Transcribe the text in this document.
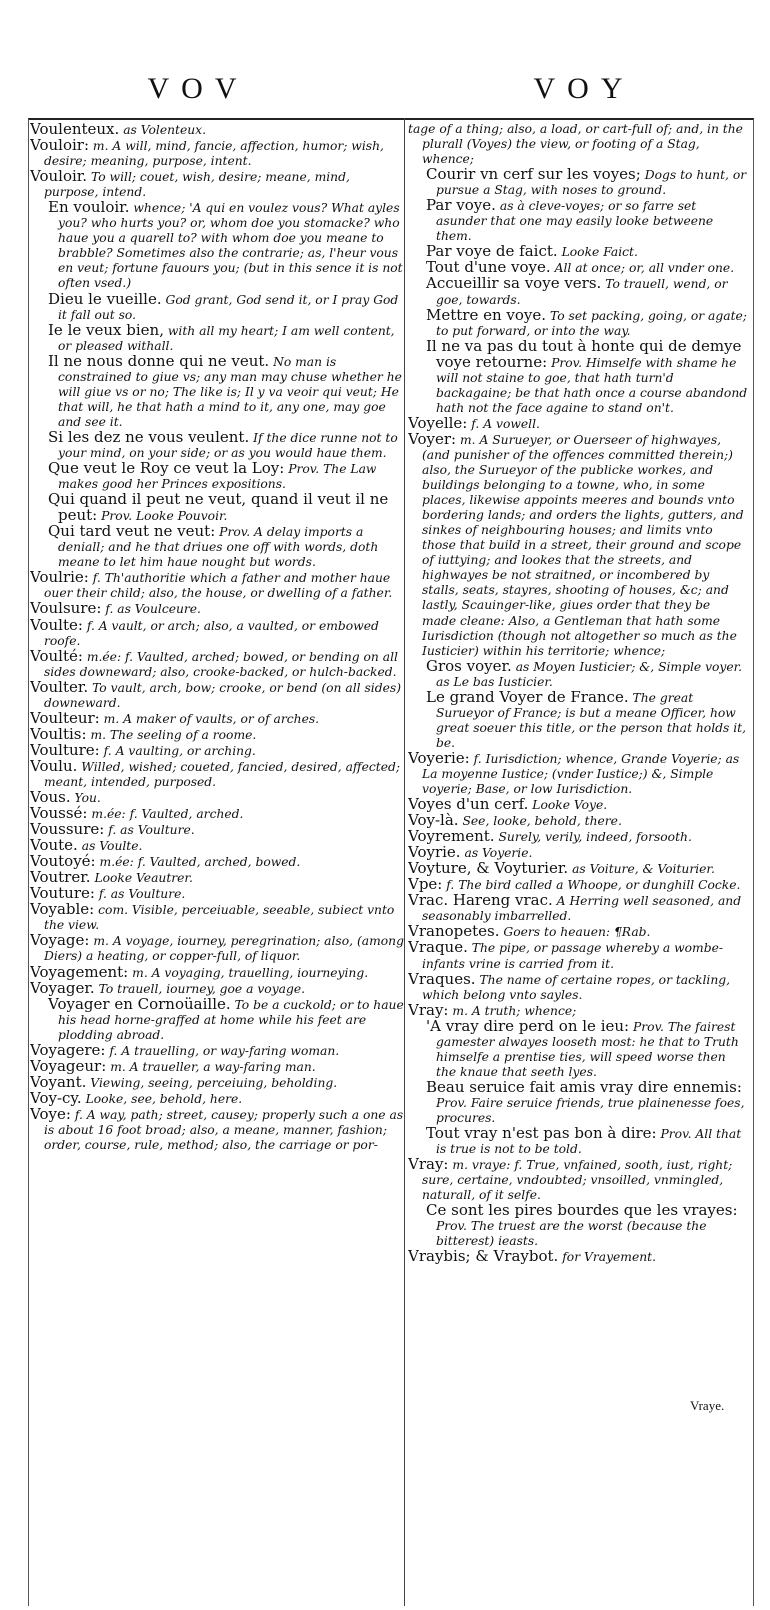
VOV	VOY

Voulenteux. as Volenteux.

Vouloir: m. A will, mind, fancie, affection, humor; wish, desire; meaning, purpose, intent.

Vouloir. To will; couet, wish, desire; meane, mind, purpose, intend.

En vouloir. whence; 'A qui en voulez vous? What ayles you? who hurts you? or, whom doe you stomacke? who haue you a quarell to? with whom doe you meane to brabble? Sometimes also the contrarie; as, l'heur vous en veut; fortune fauours you; (but in this sence it is not often vsed.)

Dieu le vueille. God grant, God send it, or I pray God it fall out so.

Ie le veux bien, with all my heart; I am well content, or pleased withall.

Il ne nous donne qui ne veut. No man is constrained to giue vs; any man may chuse whether he will giue vs or no; The like is; Il y va veoir qui veut; He that will, he that hath a mind to it, any one, may goe and see it.

Si les dez ne vous veulent. If the dice runne not to your mind, on your side; or as you would haue them.

Que veut le Roy ce veut la Loy: Prov. The Law makes good her Princes expositions.

Qui quand il peut ne veut, quand il veut il ne peut: Prov. Looke Pouvoir.

Qui tard veut ne veut: Prov. A delay imports a deniall; and he that driues one off with words, doth meane to let him haue nought but words.

Voulrie: f. Th'authoritie which a father and mother haue ouer their child; also, the house, or dwelling of a father.

Voulsure: f. as Voulceure.

Voulte: f. A vault, or arch; also, a vaulted, or embowed roofe.

Voulté: m.ée: f. Vaulted, arched; bowed, or bending on all sides downeward; also, crooke-backed, or hulch-backed.

Voulter. To vault, arch, bow; crooke, or bend (on all sides) downeward.

Voulteur: m. A maker of vaults, or of arches.

Voultis: m. The seeling of a roome.

Voulture: f. A vaulting, or arching.

Voulu. Willed, wished; coueted, fancied, desired, affected; meant, intended, purposed.

Vous. You.

Voussé: m.ée: f. Vaulted, arched.

Voussure: f. as Voulture.

Voute. as Voulte.

Voutoyé: m.ée: f. Vaulted, arched, bowed.

Voutrer. Looke Veautrer.

Vouture: f. as Voulture.

Voyable: com. Visible, perceiuable, seeable, subiect vnto the view.

Voyage: m. A voyage, iourney, peregrination; also, (among Diers) a heating, or copper-full, of liquor.

Voyagement: m. A voyaging, trauelling, iourneying.

Voyager. To trauell, iourney, goe a voyage.

Voyager en Cornoüaille. To be a cuckold; or to haue his head horne-graffed at home while his feet are plodding abroad.

Voyagere: f. A trauelling, or way-faring woman.

Voyageur: m. A traueller, a way-faring man.

Voyant. Viewing, seeing, perceiuing, beholding.

Voy-cy. Looke, see, behold, here.

Voye: f. A way, path; street, causey; properly such a one as is about 16 foot broad; also, a meane, manner, fashion; order, course, rule, method; also, the carriage or por-

tage of a thing; also, a load, or cart-full of; and, in the plurall (Voyes) the view, or footing of a Stag, whence;

Courir vn cerf sur les voyes; Dogs to hunt, or pursue a Stag, with noses to ground.

Par voye. as à cleve-voyes; or so farre set asunder that one may easily looke betweene them.

Par voye de faict. Looke Faict.

Tout d'une voye. All at once; or, all vnder one.

Accueillir sa voye vers. To trauell, wend, or goe, towards.

Mettre en voye. To set packing, going, or agate; to put forward, or into the way.

Il ne va pas du tout à honte qui de demye voye retourne: Prov. Himselfe with shame he will not staine to goe, that hath turn'd backagaine; be that hath once a course abandond hath not the face againe to stand on't.

Voyelle: f. A vowell.

Voyer: m. A Surueyer, or Ouerseer of highwayes, (and punisher of the offences committed therein;) also, the Surueyor of the publicke workes, and buildings belonging to a towne, who, in some places, likewise appoints meeres and bounds vnto bordering lands; and orders the lights, gutters, and sinkes of neighbouring houses; and limits vnto those that build in a street, their ground and scope of iuttying; and lookes that the streets, and highwayes be not straitned, or incombered by stalls, seats, stayres, shooting of houses, &c; and lastly, Scauinger-like, giues order that they be made cleane: Also, a Gentleman that hath some Iurisdiction (though not altogether so much as the Iusticier) within his territorie; whence;

Gros voyer. as Moyen Iusticier; &, Simple voyer. as Le bas Iusticier.

Le grand Voyer de France. The great Surueyor of France; is but a meane Officer, how great soeuer this title, or the person that holds it, be.

Voyerie: f. Iurisdiction; whence, Grande Voyerie; as La moyenne Iustice; (vnder Iustice;) &, Simple voyerie; Base, or low Iurisdiction.

Voyes d'un cerf. Looke Voye.

Voy-là. See, looke, behold, there.

Voyrement. Surely, verily, indeed, forsooth.

Voyrie. as Voyerie.

Voyture, & Voyturier. as Voiture, & Voiturier.

Vpe: f. The bird called a Whoope, or dunghill Cocke.

Vrac. Hareng vrac. A Herring well seasoned, and seasonably imbarrelled.

Vranopetes. Goers to heauen: ¶Rab.

Vraque. The pipe, or passage whereby a wombe-infants vrine is carried from it.

Vraques. The name of certaine ropes, or tackling, which belong vnto sayles.

Vray: m. A truth; whence;

'A vray dire perd on le ieu: Prov. The fairest gamester alwayes looseth most: he that to Truth himselfe a prentise ties, will speed worse then the knaue that seeth lyes.

Beau seruice fait amis vray dire ennemis: Prov. Faire seruice friends, true plainenesse foes, procures.

Tout vray n'est pas bon à dire: Prov. All that is true is not to be told.

Vray: m. vraye: f. True, vnfained, sooth, iust, right; sure, certaine, vndoubted; vnsoilled, vnmingled, naturall, of it selfe.

Ce sont les pires bourdes que les vrayes: Prov. The truest are the worst (because the bitterest) ieasts.

Vraybis; & Vraybot. for Vrayement.

Vraye.
